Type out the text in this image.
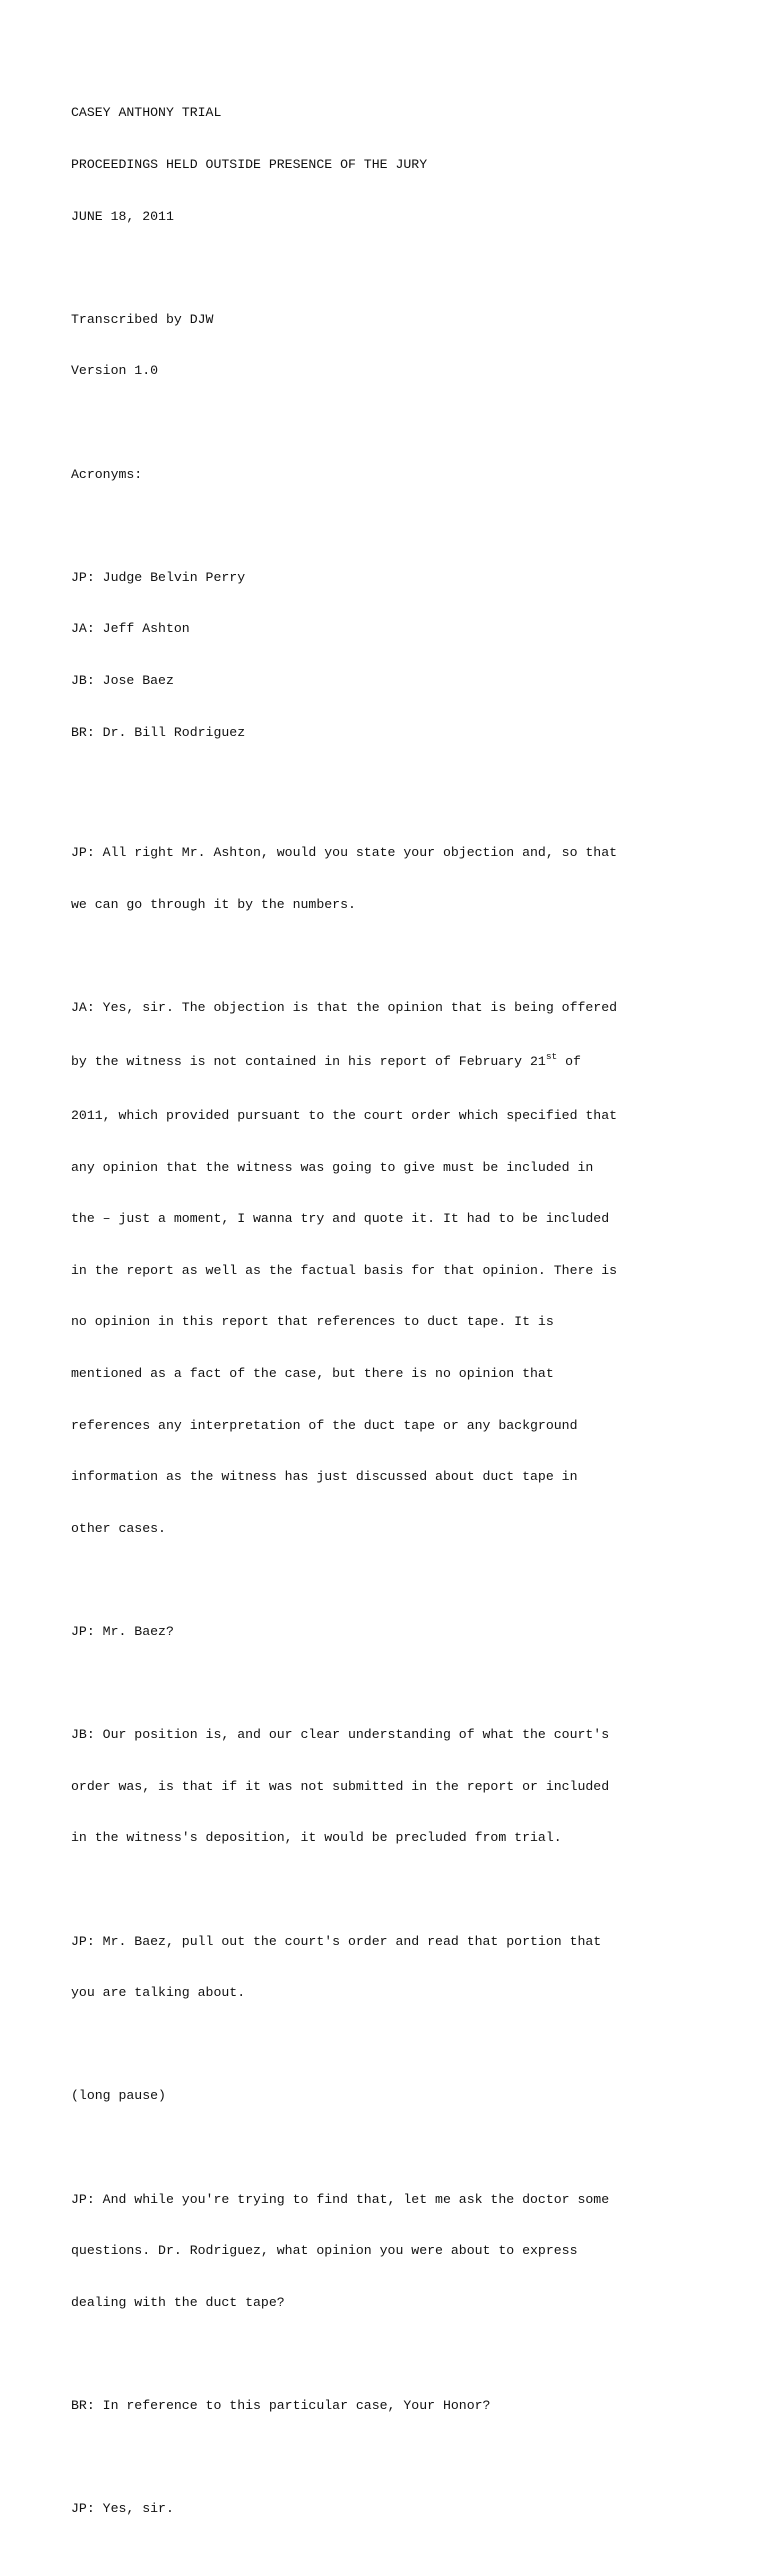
CASEY ANTHONY TRIAL

PROCEEDINGS HELD OUTSIDE PRESENCE OF THE JURY

JUNE 18, 2011

Transcribed by DJW

Version 1.0

Acronyms:

JP: Judge Belvin Perry

JA: Jeff Ashton

JB: Jose Baez

BR: Dr. Bill Rodriguez

JP: All right Mr. Ashton, would you state your objection and, so that

we can go through it by the numbers.

JA: Yes, sir. The objection is that the opinion that is being offered

by the witness is not contained in his report of February 21st of

2011, which provided pursuant to the court order which specified that

any opinion that the witness was going to give must be included in

the – just a moment, I wanna try and quote it. It had to be included

in the report as well as the factual basis for that opinion. There is

no opinion in this report that references to duct tape. It is

mentioned as a fact of the case, but there is no opinion that

references any interpretation of the duct tape or any background

information as the witness has just discussed about duct tape in

other cases.

JP: Mr. Baez?

JB: Our position is, and our clear understanding of what the court's

order was, is that if it was not submitted in the report or included

in the witness's deposition, it would be precluded from trial.

JP: Mr. Baez, pull out the court's order and read that portion that

you are talking about.

(long pause)

JP: And while you're trying to find that, let me ask the doctor some

questions. Dr. Rodriguez, what opinion you were about to express

dealing with the duct tape?

BR: In reference to this particular case, Your Honor?

JP: Yes, sir.
